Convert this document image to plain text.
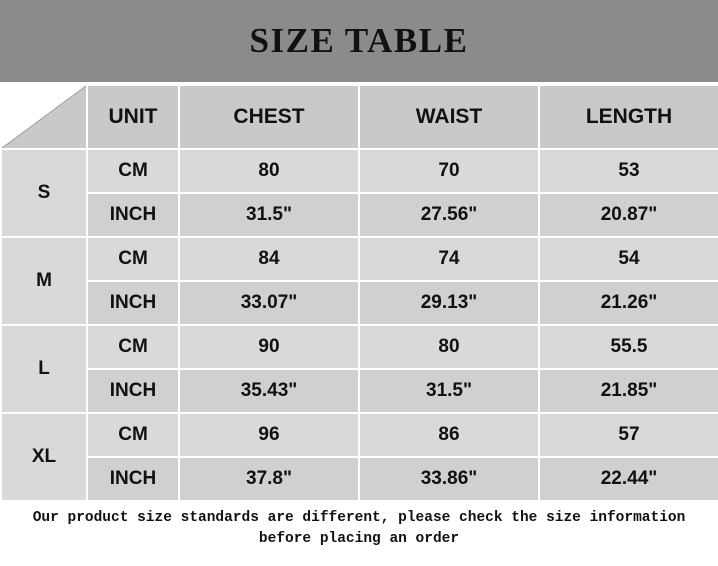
SIZE TABLE
	UNIT	CHEST	WAIST	LENGTH
S	CM	80	70	53
	INCH	31.5"	27.56"	20.87"
M	CM	84	74	54
	INCH	33.07"	29.13"	21.26"
L	CM	90	80	55.5
	INCH	35.43"	31.5"	21.85"
XL	CM	96	86	57
	INCH	37.8"	33.86"	22.44"
Our product size standards are different, please check the size information
before placing an order
